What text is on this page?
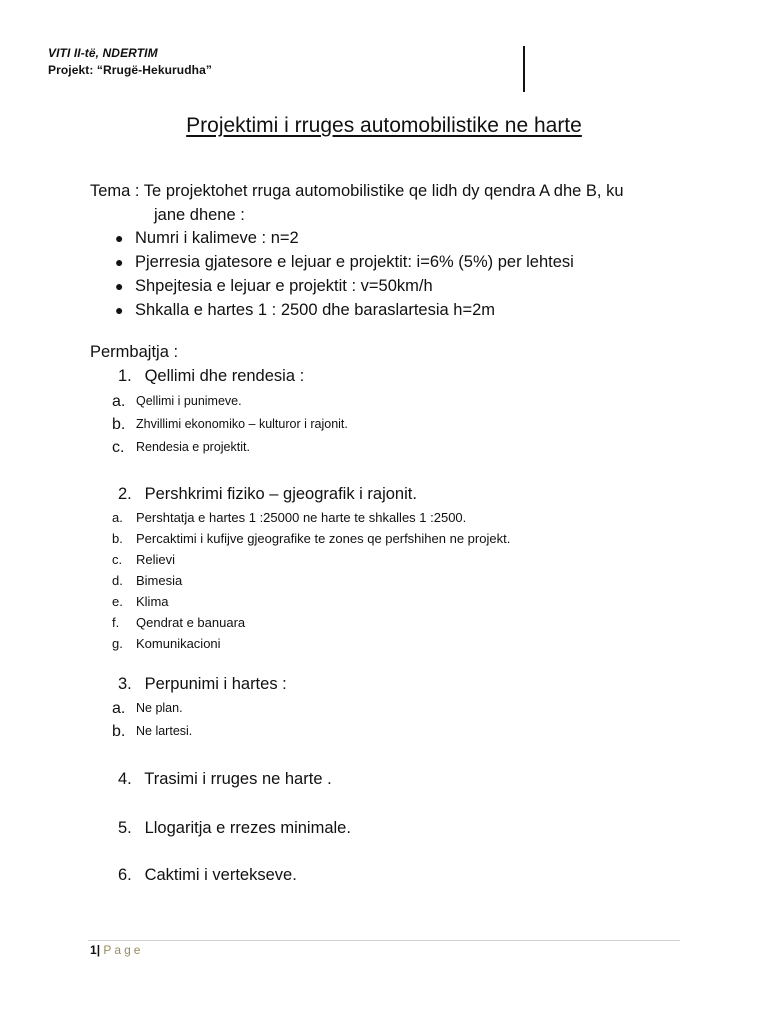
VITI II-të, NDERTIM
Projekt: “Rrugë-Hekurudha”
Projektimi i rruges automobilistike ne harte
Tema : Te projektohet rruga automobilistike qe lidh dy qendra A dhe B, ku
jane dhene :
● Numri i kalimeve : n=2
● Pjerresia gjatesore e lejuar e projektit: i=6% (5%) per lehtesi
● Shpejtesia e lejuar e projektit : v=50km/h
● Shkalla e hartes 1 : 2500 dhe baraslartesia h=2m
Permbajtja :
1. Qellimi dhe rendesia :
a. Qellimi i punimeve.
b. Zhvillimi ekonomiko – kulturor i rajonit.
c. Rendesia e projektit.
2. Pershkrimi fiziko – gjeografik i rajonit.
a. Pershtatja e hartes 1 :25000 ne harte te shkalles 1 :2500.
b. Percaktimi i kufijve gjeografike te zones qe perfshihen ne projekt.
c. Relievi
d. Bimesia
e. Klima
f. Qendrat e banuara
g. Komunikacioni
3. Perpunimi i hartes :
a. Ne plan.
b. Ne lartesi.
4. Trasimi i rruges ne harte .
5. Llogaritja e rrezes minimale.
6. Caktimi i vertekseve.
1| Page
